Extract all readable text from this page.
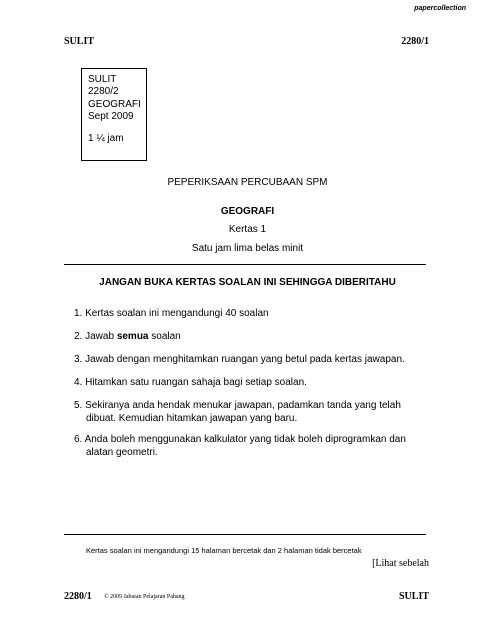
papercollection
SULIT	2280/1
SULIT
2280/2
GEOGRAFI
Sept 2009
1 ¼ jam
PEPERIKSAAN PERCUBAAN SPM
GEOGRAFI
Kertas 1
Satu jam lima belas minit
JANGAN BUKA KERTAS SOALAN INI SEHINGGA DIBERITAHU
1. Kertas soalan ini mengandungi 40 soalan
2. Jawab semua soalan
3. Jawab dengan menghitamkan ruangan yang betul pada kertas jawapan.
4. Hitamkan satu ruangan sahaja bagi setiap soalan.
5. Sekiranya anda hendak menukar jawapan, padamkan tanda yang telah
dibuat. Kemudian hitamkan jawapan yang baru.
6. Anda boleh menggunakan kalkulator yang tidak boleh diprogramkan dan
alatan geometri.
Kertas soalan ini mengandungi 15 halaman bercetak dan 2 halaman tidak bercetak
[Lihat sebelah
2280/1 © 2009 Jabatan Pelajaran Pahang	SULIT
